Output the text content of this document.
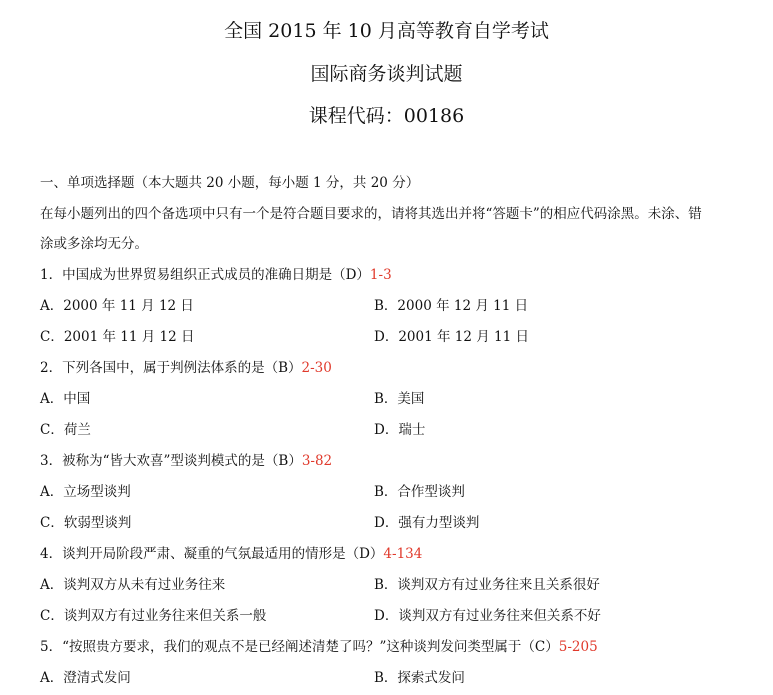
全国 2015 年 10 月高等教育自学考试
国际商务谈判试题
课程代码：00186
一、单项选择题（本大题共 20 小题，每小题 1 分，共 20 分）
在每小题列出的四个备选项中只有一个是符合题目要求的，请将其选出并将“答题卡”的相应代码涂黑。未涂、错
涂或多涂均无分。
1．中国成为世界贸易组织正式成员的准确日期是（D）1-3
A．2000 年 11 月 12 日	B．2000 年 12 月 11 日
C．2001 年 11 月 12 日	D．2001 年 12 月 11 日
2．下列各国中，属于判例法体系的是（B）2-30
A．中国	B．美国
C．荷兰	D．瑞士
3．被称为“皆大欢喜”型谈判模式的是（B）3-82
A．立场型谈判	B．合作型谈判
C．软弱型谈判	D．强有力型谈判
4．谈判开局阶段严肃、凝重的气氛最适用的情形是（D）4-134
A．谈判双方从未有过业务往来	B．谈判双方有过业务往来且关系很好
C．谈判双方有过业务往来但关系一般	D．谈判双方有过业务往来但关系不好
5．“按照贵方要求，我们的观点不是已经阐述清楚了吗？”这种谈判发问类型属于（C）5-205
A．澄清式发问	B．探索式发问
